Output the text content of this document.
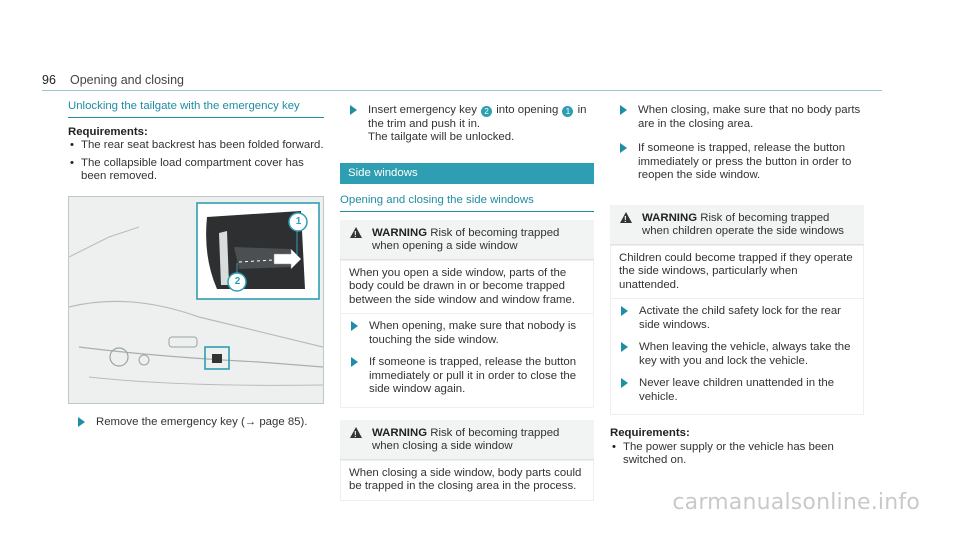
96 Opening and closing
Unlocking the tailgate with the emergency key
Requirements:
• The rear seat backrest has been folded forward.
• The collapsible load compartment cover has been removed.
1
2
Remove the emergency key (→ page 85).
Insert emergency key 2 into opening 1 in the trim and push it in.
The tailgate will be unlocked.
Side windows
Opening and closing the side windows
!
WARNING Risk of becoming trapped when opening a side window
When you open a side window, parts of the body could be drawn in or become trapped between the side window and window frame.
When opening, make sure that nobody is touching the side window.
If someone is trapped, release the button immediately or pull it in order to close the side window again.
!
WARNING Risk of becoming trapped when closing a side window
When closing a side window, body parts could be trapped in the closing area in the process.
When closing, make sure that no body parts are in the closing area.
If someone is trapped, release the button immediately or press the button in order to reopen the side window.
!
WARNING Risk of becoming trapped when children operate the side windows
Children could become trapped if they operate the side windows, particularly when unattended.
Activate the child safety lock for the rear side windows.
When leaving the vehicle, always take the key with you and lock the vehicle.
Never leave children unattended in the vehicle.
Requirements:
• The power supply or the vehicle has been switched on.
carmanualsonline.info
